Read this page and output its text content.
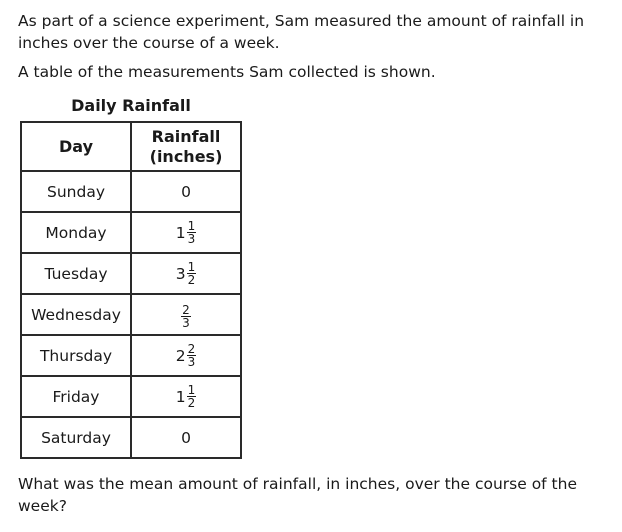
As part of a science experiment, Sam measured the amount of rainfall in inches over the course of a week.

A table of the measurements Sam collected is shown.

Daily Rainfall
Day	Rainfall (inches)
Sunday	0

Monday	$1 \frac{1}{3}$

Tuesday	$3 \frac{1}{2}$

Wednesday	$\frac{2}{3}$

Thursday	$2 \frac{2}{3}$

Friday	$1 \frac{1}{2}$

Saturday	0

What was the mean amount of rainfall, in inches, over the course of the week?
